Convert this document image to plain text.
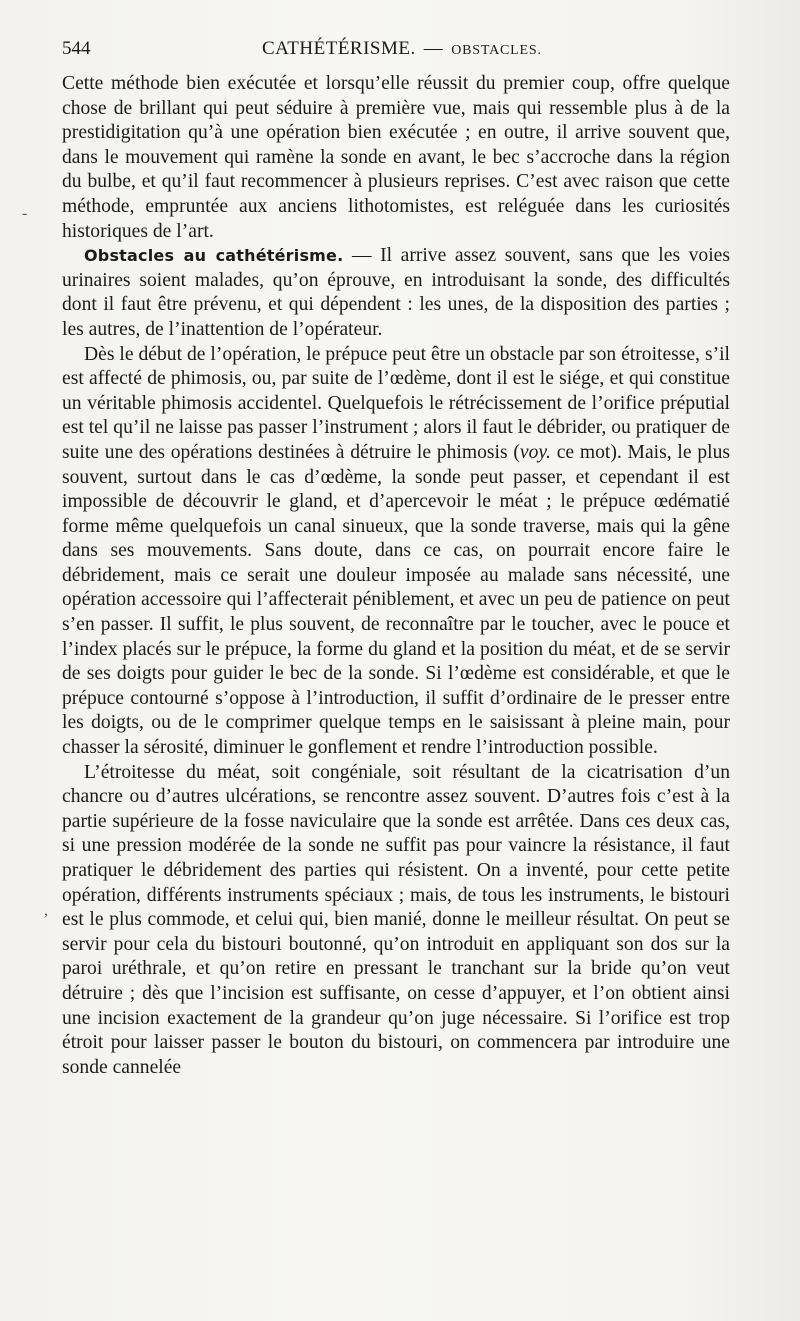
544	CATHÉTÉRISME. — OBSTACLES.

Cette méthode bien exécutée et lorsqu’elle réussit du premier coup, offre quelque chose de brillant qui peut séduire à première vue, mais qui ressemble plus à de la prestidigitation qu’à une opération bien exécutée ; en outre, il arrive souvent que, dans le mouvement qui ramène la sonde en avant, le bec s’accroche dans la région du bulbe, et qu’il faut recommencer à plusieurs reprises. C’est avec raison que cette méthode, empruntée aux anciens lithotomistes, est reléguée dans les curiosités historiques de l’art.

Obstacles au cathétérisme. — Il arrive assez souvent, sans que les voies urinaires soient malades, qu’on éprouve, en introduisant la sonde, des difficultés dont il faut être prévenu, et qui dépendent : les unes, de la disposition des parties ; les autres, de l’inattention de l’opérateur.

Dès le début de l’opération, le prépuce peut être un obstacle par son étroitesse, s’il est affecté de phimosis, ou, par suite de l’œdème, dont il est le siége, et qui constitue un véritable phimosis accidentel. Quelquefois le rétrécissement de l’orifice préputial est tel qu’il ne laisse pas passer l’instrument ; alors il faut le débrider, ou pratiquer de suite une des opérations destinées à détruire le phimosis (voy. ce mot). Mais, le plus souvent, surtout dans le cas d’œdème, la sonde peut passer, et cependant il est impossible de découvrir le gland, et d’apercevoir le méat ; le prépuce œdématié forme même quelquefois un canal sinueux, que la sonde traverse, mais qui la gêne dans ses mouvements. Sans doute, dans ce cas, on pourrait encore faire le débridement, mais ce serait une douleur imposée au malade sans nécessité, une opération accessoire qui l’affecterait péniblement, et avec un peu de patience on peut s’en passer. Il suffit, le plus souvent, de reconnaître par le toucher, avec le pouce et l’index placés sur le prépuce, la forme du gland et la position du méat, et de se servir de ses doigts pour guider le bec de la sonde. Si l’œdème est considérable, et que le prépuce contourné s’oppose à l’introduction, il suffit d’ordinaire de le presser entre les doigts, ou de le comprimer quelque temps en le saisissant à pleine main, pour chasser la sérosité, diminuer le gonflement et rendre l’introduction possible.

L’étroitesse du méat, soit congéniale, soit résultant de la cicatrisation d’un chancre ou d’autres ulcérations, se rencontre assez souvent. D’autres fois c’est à la partie supérieure de la fosse naviculaire que la sonde est arrêtée. Dans ces deux cas, si une pression modérée de la sonde ne suffit pas pour vaincre la résistance, il faut pratiquer le débridement des parties qui résistent. On a inventé, pour cette petite opération, différents instruments spéciaux ; mais, de tous les instruments, le bistouri est le plus commode, et celui qui, bien manié, donne le meilleur résultat. On peut se servir pour cela du bistouri boutonné, qu’on introduit en appliquant son dos sur la paroi uréthrale, et qu’on retire en pressant le tranchant sur la bride qu’on veut détruire ; dès que l’incision est suffisante, on cesse d’appuyer, et l’on obtient ainsi une incision exactement de la grandeur qu’on juge nécessaire. Si l’orifice est trop étroit pour laisser passer le bouton du bistouri, on commencera par introduire une sonde cannelée

-
,
